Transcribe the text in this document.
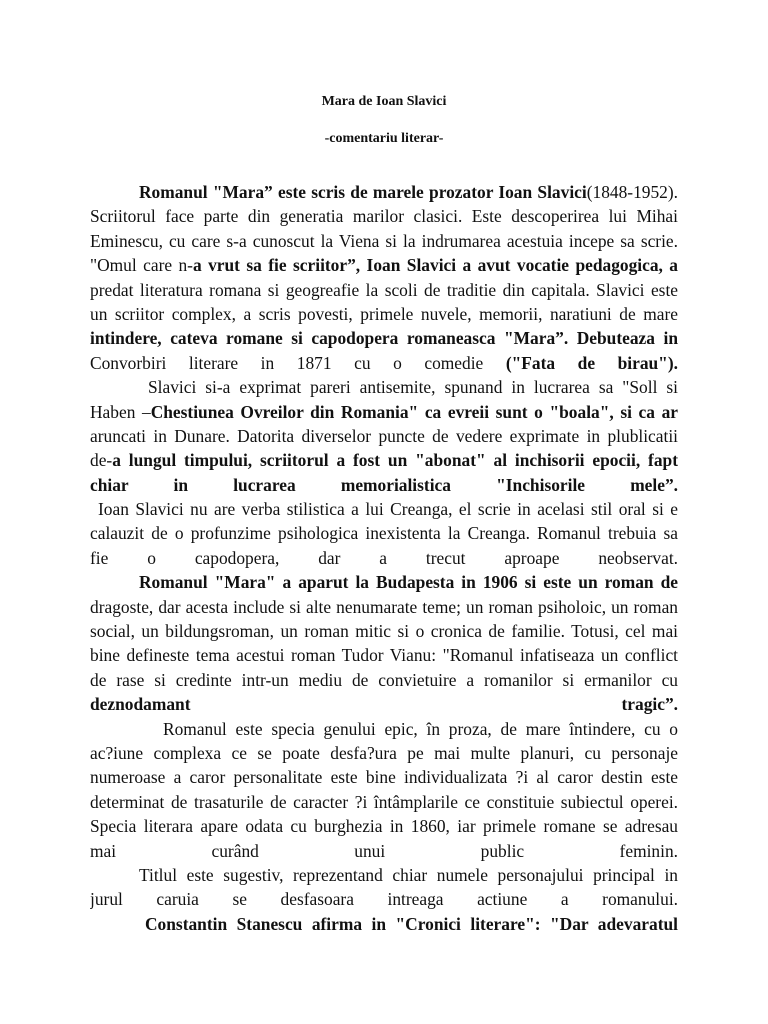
Mara de Ioan Slavici
-comentariu literar-
Romanul "Mara” este scris de marele prozator Ioan Slavici(1848-1952).
Scriitorul face parte din generatia marilor clasici. Este descoperirea lui Mihai
Eminescu, cu care s-a cunoscut la Viena si la indrumarea acestuia incepe sa scrie.
"Omul care n-a vrut sa fie scriitor”, Ioan Slavici a avut vocatie pedagogica, a
predat literatura romana si geogreafie la scoli de traditie din capitala. Slavici este
un scriitor complex, a scris povesti, primele nuvele, memorii, naratiuni de mare
intindere, cateva romane si capodopera romaneasca "Mara”. Debuteaza in
Convorbiri literare in 1871 cu o comedie ("Fata de birau").
Slavici si-a exprimat pareri antisemite, spunand in lucrarea sa "Soll si
Haben –Chestiunea Ovreilor din Romania" ca evreii sunt o "boala", si ca ar
aruncati in Dunare. Datorita diverselor puncte de vedere exprimate in plublicatii
de-a lungul timpului, scriitorul a fost un "abonat" al inchisorii epocii, fapt
chiar in lucrarea memorialistica "Inchisorile mele”.
Ioan Slavici nu are verba stilistica a lui Creanga, el scrie in acelasi stil oral si e
calauzit de o profunzime psihologica inexistenta la Creanga. Romanul trebuia sa
fie o capodopera, dar a trecut aproape neobservat.
Romanul "Mara" a aparut la Budapesta in 1906 si este un roman de
dragoste, dar acesta include si alte nenumarate teme; un roman psiholoic, un roman
social, un bildungsroman, un roman mitic si o cronica de familie. Totusi, cel mai
bine defineste tema acestui roman Tudor Vianu: "Romanul infatiseaza un conflict
de rase si credinte intr-un mediu de convietuire a romanilor si ermanilor cu
deznodamant tragic”.
Romanul este specia genului epic, în proza, de mare întindere, cu o
ac?iune complexa ce se poate desfa?ura pe mai multe planuri, cu personaje
numeroase a caror personalitate este bine individualizata ?i al caror destin este
determinat de trasaturile de caracter ?i întâmplarile ce constituie subiectul operei.
Specia literara apare odata cu burghezia in 1860, iar primele romane se adresau
mai curând unui public feminin.
Titlul este sugestiv, reprezentand chiar numele personajului principal in
jurul caruia se desfasoara intreaga actiune a romanului.
Constantin Stanescu afirma in "Cronici literare": "Dar adevaratul
